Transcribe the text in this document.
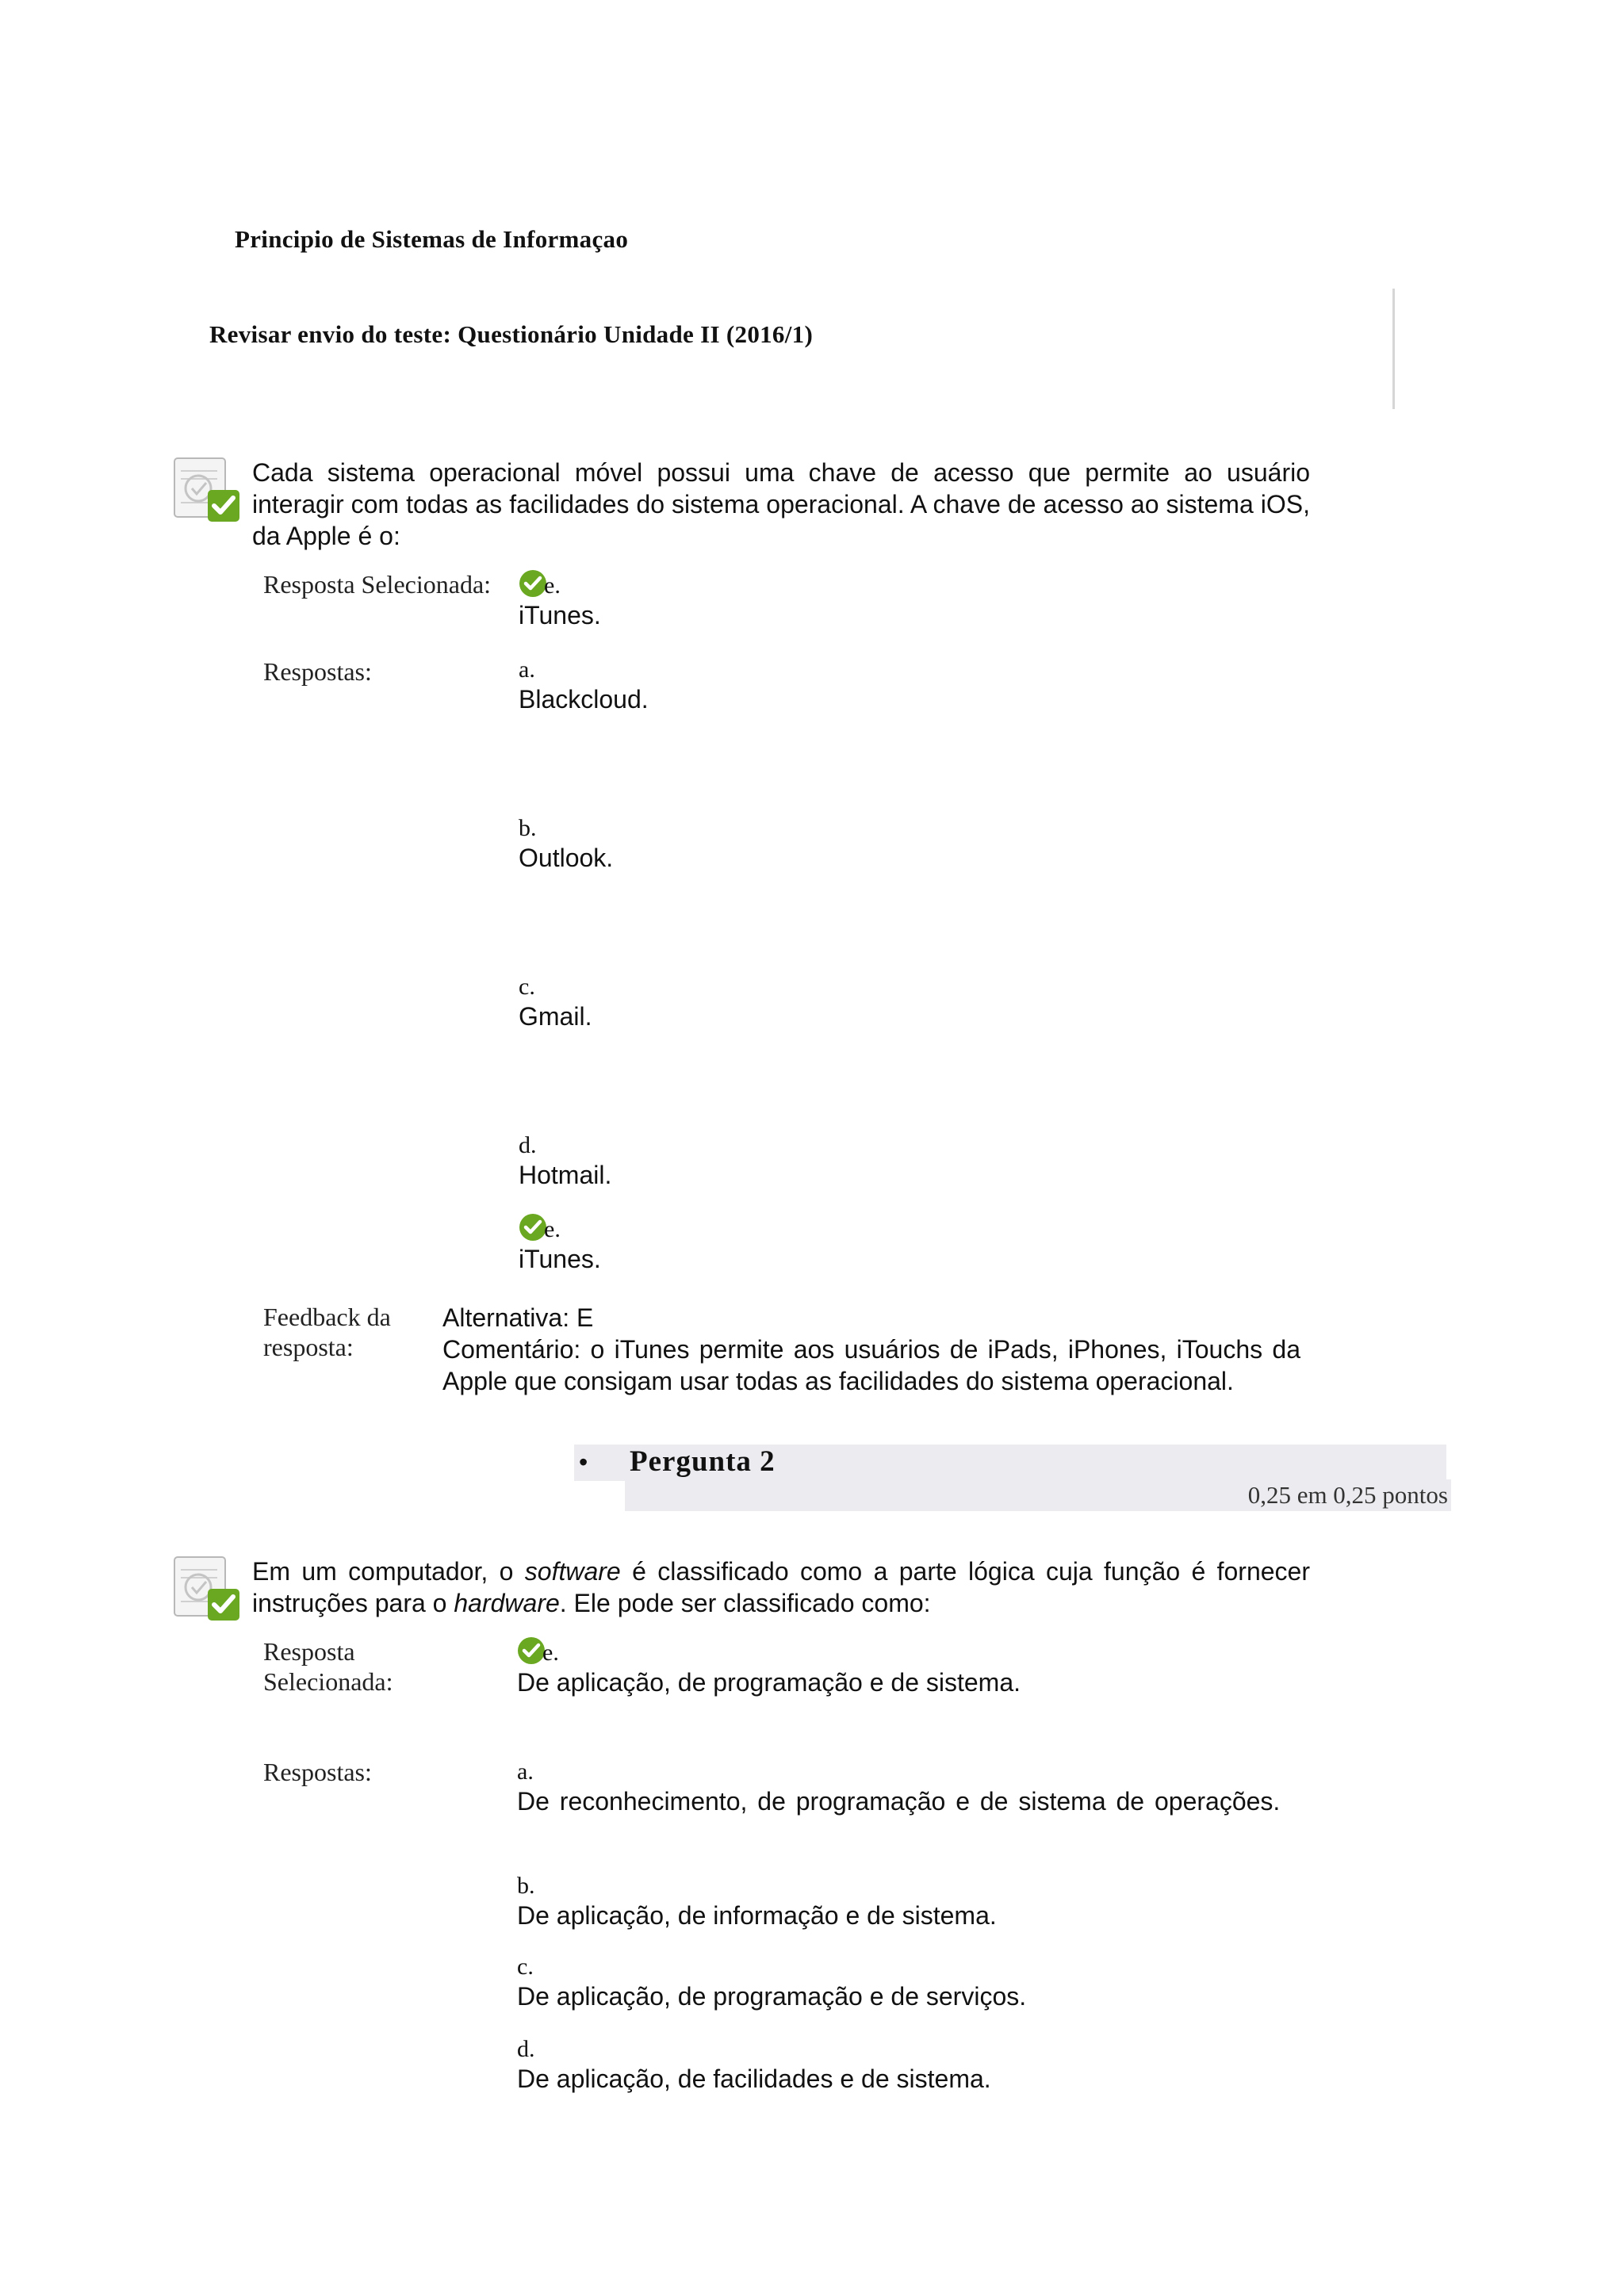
Principio de Sistemas de Informaçao
Revisar envio do teste: Questionário Unidade II (2016/1)
Cada sistema operacional móvel possui uma chave de acesso que permite ao usuário interagir com todas as facilidades do sistema operacional. A chave de acesso ao sistema iOS, da Apple é o:
Resposta Selecionada:	e.
iTunes.
Respostas:	a.
Blackcloud.
b.
Outlook.
c.
Gmail.
d.
Hotmail.
e.
iTunes.
Feedback da
resposta:
Alternativa: E
Comentário: o iTunes permite aos usuários de iPads, iPhones, iTouchs da Apple que consigam usar todas as facilidades do sistema operacional.
• Pergunta 2
0,25 em 0,25 pontos
Em um computador, o software é classificado como a parte lógica cuja função é fornecer instruções para o hardware. Ele pode ser classificado como:
Resposta
Selecionada:
e.
De aplicação, de programação e de sistema.
Respostas:	a.
De reconhecimento, de programação e de sistema de operações.
b.
De aplicação, de informação e de sistema.
c.
De aplicação, de programação e de serviços.
d.
De aplicação, de facilidades e de sistema.
